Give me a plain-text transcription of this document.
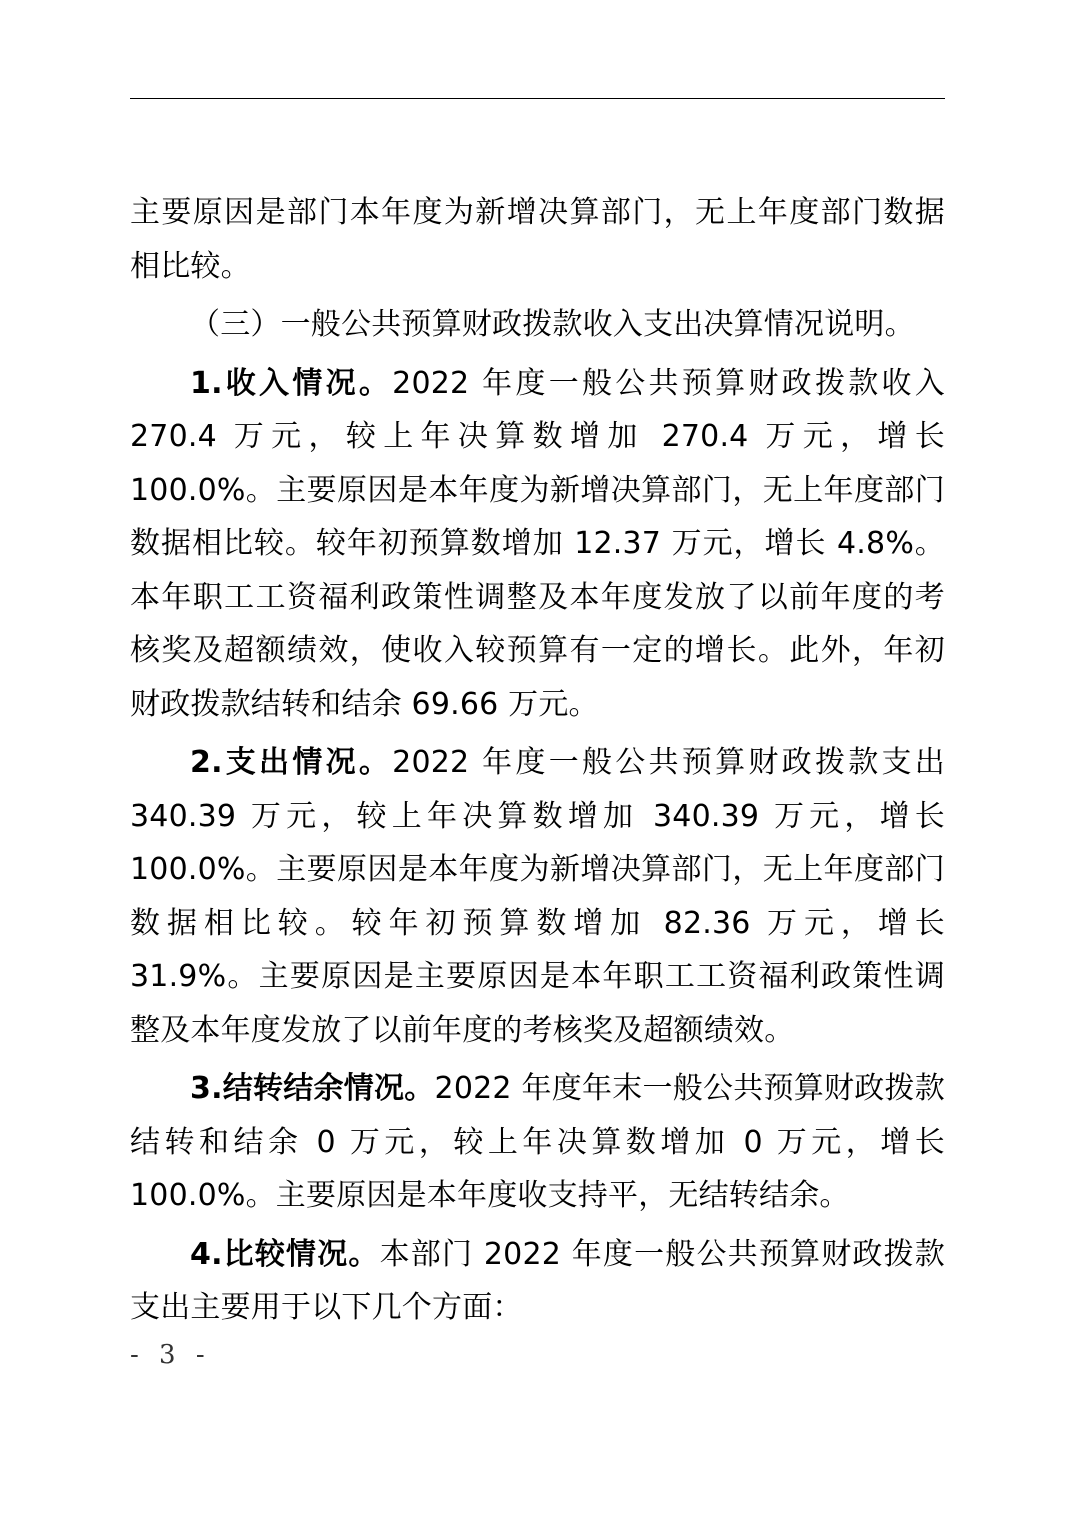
主要原因是部门本年度为新增决算部门，无上年度部门数据相比较。

（三）一般公共预算财政拨款收入支出决算情况说明。

1.收入情况。2022 年度一般公共预算财政拨款收入 270.4 万元，较上年决算数增加 270.4 万元，增长 100.0%。主要原因是本年度为新增决算部门，无上年度部门数据相比较。较年初预算数增加 12.37 万元，增长 4.8%。本年职工工资福利政策性调整及本年度发放了以前年度的考核奖及超额绩效，使收入较预算有一定的增长。此外，年初财政拨款结转和结余 69.66 万元。

2.支出情况。2022 年度一般公共预算财政拨款支出 340.39 万元，较上年决算数增加 340.39 万元，增长 100.0%。主要原因是本年度为新增决算部门，无上年度部门数据相比较。较年初预算数增加 82.36 万元，增长 31.9%。主要原因是主要原因是本年职工工资福利政策性调整及本年度发放了以前年度的考核奖及超额绩效。

3.结转结余情况。2022 年度年末一般公共预算财政拨款结转和结余 0 万元，较上年决算数增加 0 万元，增长 100.0%。主要原因是本年度收支持平，无结转结余。

4.比较情况。本部门 2022 年度一般公共预算财政拨款支出主要用于以下几个方面：

- 3 -
